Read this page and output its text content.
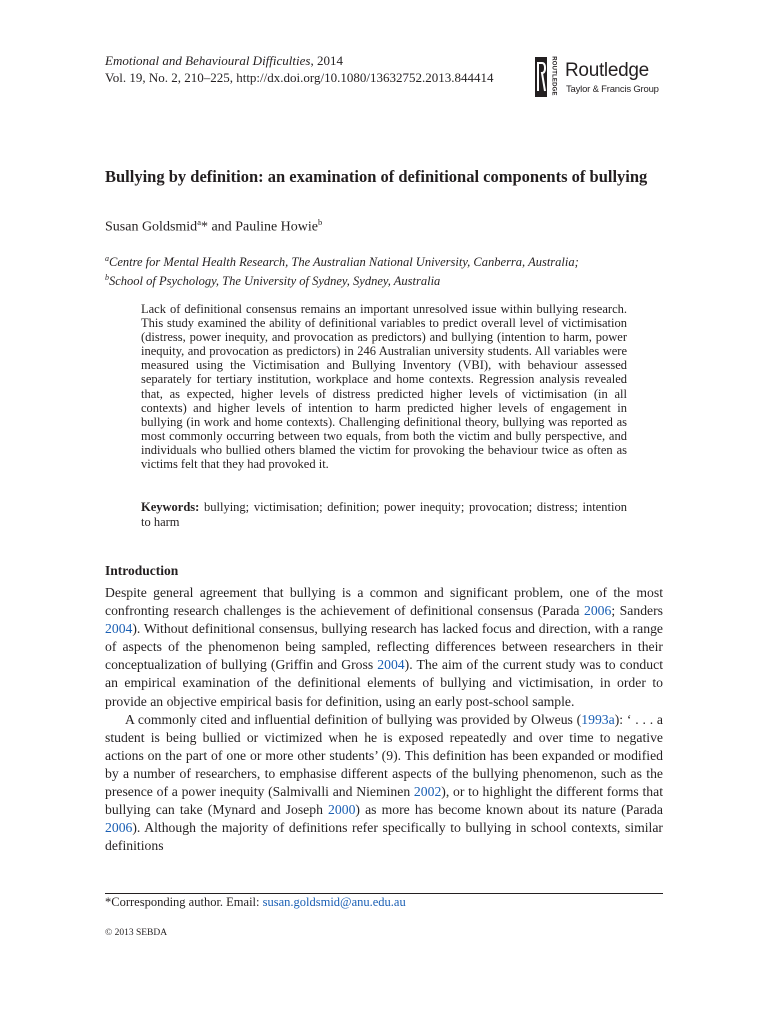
Emotional and Behavioural Difficulties, 2014
Vol. 19, No. 2, 210–225, http://dx.doi.org/10.1080/13632752.2013.844414	ROUTLEDGE Routledge
Taylor & Francis Group
Bullying by definition: an examination of definitional components of bullying
Susan Goldsmid$^a$* and Pauline Howie$^b$
$^a$Centre for Mental Health Research, The Australian National University, Canberra, Australia;
$^b$School of Psychology, The University of Sydney, Sydney, Australia
Lack of definitional consensus remains an important unresolved issue within bullying research. This study examined the ability of definitional variables to predict overall level of victimisation (distress, power inequity, and provocation as predictors) and bullying (intention to harm, power inequity, and provocation as predictors) in 246 Australian university students. All variables were measured using the Victimisation and Bullying Inventory (VBI), with behaviour assessed separately for tertiary institution, workplace and home contexts. Regression analysis revealed that, as expected, higher levels of distress predicted higher levels of victimisation (in all contexts) and higher levels of intention to harm predicted higher levels of engagement in bullying (in work and home contexts). Challenging definitional theory, bullying was reported as most commonly occurring between two equals, from both the victim and bully perspective, and individuals who bullied others blamed the victim for provoking the behaviour twice as often as victims felt that they had provoked it.
Keywords: bullying; victimisation; definition; power inequity; provocation; distress; intention to harm
Introduction

Despite general agreement that bullying is a common and significant problem, one of the most confronting research challenges is the achievement of definitional consensus (Parada 2006; Sanders 2004). Without definitional consensus, bullying research has lacked focus and direction, with a range of aspects of the phenomenon being sampled, reflecting differences between researchers in their conceptualization of bullying (Griffin and Gross 2004). The aim of the current study was to conduct an empirical examination of the definitional elements of bullying and victimisation, in order to provide an objective empirical basis for definition, using an early post-school sample.

A commonly cited and influential definition of bullying was provided by Olweus (1993a): ‘ . . . a student is being bullied or victimized when he is exposed repeatedly and over time to negative actions on the part of one or more other students’ (9). This definition has been expanded or modified by a number of researchers, to emphasise different aspects of the bullying phenomenon, such as the presence of a power inequity (Salmivalli and Nieminen 2002), or to highlight the different forms that bullying can take (Mynard and Joseph 2000) as more has become known about its nature (Parada 2006). Although the majority of definitions refer specifically to bullying in school contexts, similar definitions

*Corresponding author. Email: susan.goldsmid@anu.edu.au
© 2013 SEBDA
